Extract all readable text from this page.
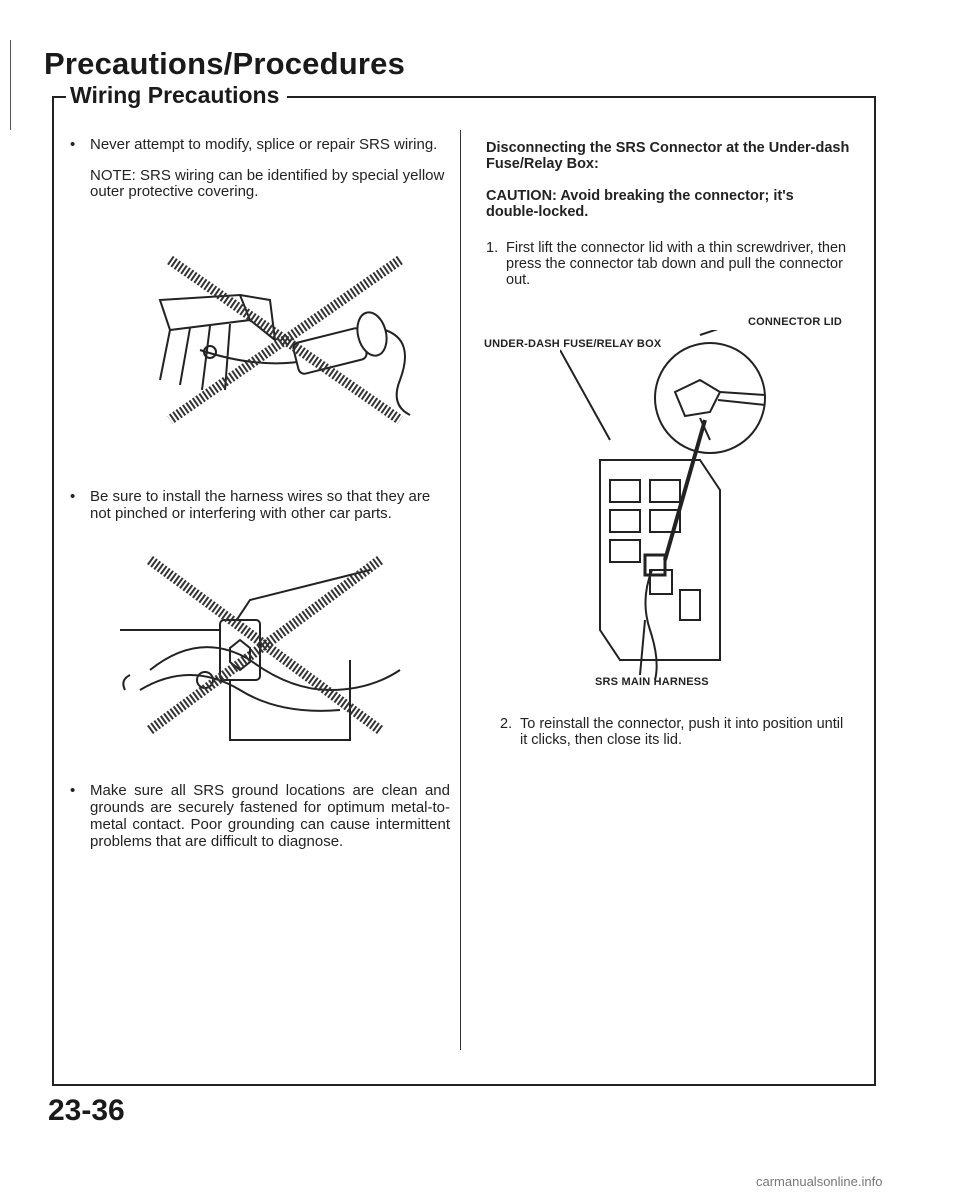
Precautions/Procedures
Wiring Precautions
• Never attempt to modify, splice or repair SRS wiring.
NOTE: SRS wiring can be identified by special yellow outer protective covering.
• Be sure to install the harness wires so that they are not pinched or interfering with other car parts.
• Make sure all SRS ground locations are clean and grounds are securely fastened for optimum metal-to-metal contact. Poor grounding can cause intermittent problems that are difficult to diagnose.
Disconnecting the SRS Connector at the Under-dash Fuse/Relay Box:
CAUTION: Avoid breaking the connector; it's double-locked.
1. First lift the connector lid with a thin screwdriver, then press the connector tab down and pull the connector out.
UNDER-DASH FUSE/RELAY BOX
CONNECTOR LID
SRS MAIN HARNESS
2. To reinstall the connector, push it into position until it clicks, then close its lid.
23-36
carmanualsonline.info
